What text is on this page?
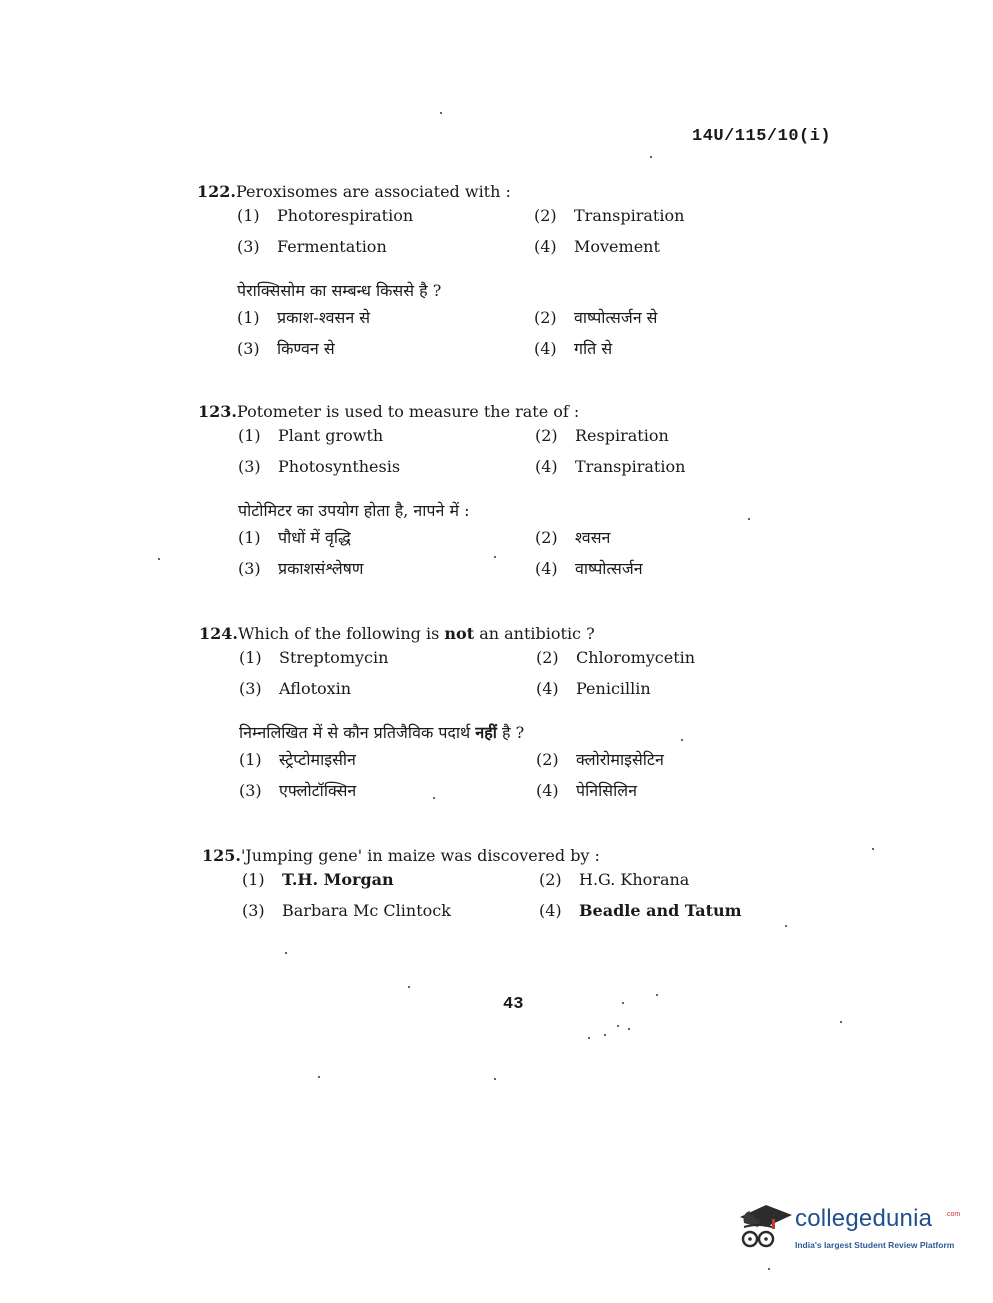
14U/115/10(i)
122.Peroxisomes are associated with :
(1) Photorespiration	(2) Transpiration
(3) Fermentation	(4) Movement
पेराक्सिसोम का सम्बन्ध किससे है ?
(1) प्रकाश-श्वसन से	(2) वाष्पोत्सर्जन से
(3) किण्वन से	(4) गति से
123.Potometer is used to measure the rate of :
(1) Plant growth	(2) Respiration
(3) Photosynthesis	(4) Transpiration
पोटोमिटर का उपयोग होता है, नापने में :
(1) पौधों में वृद्धि	(2) श्वसन
(3) प्रकाशसंश्लेषण	(4) वाष्पोत्सर्जन
124.Which of the following is not an antibiotic ?
(1) Streptomycin	(2) Chloromycetin
(3) Aflotoxin	(4) Penicillin
निम्नलिखित में से कौन प्रतिजैविक पदार्थ नहीं है ?
(1) स्ट्रेप्टोमाइसीन	(2) क्लोरोमाइसेटिन
(3) एफ्लोटॉक्सिन	(4) पेनिसिलिन
125.'Jumping gene' in maize was discovered by :
(1) T.H. Morgan	(2) H.G. Khorana
(3) Barbara Mc Clintock	(4) Beadle and Tatum
43
collegedunia .com
India's largest Student Review Platform
